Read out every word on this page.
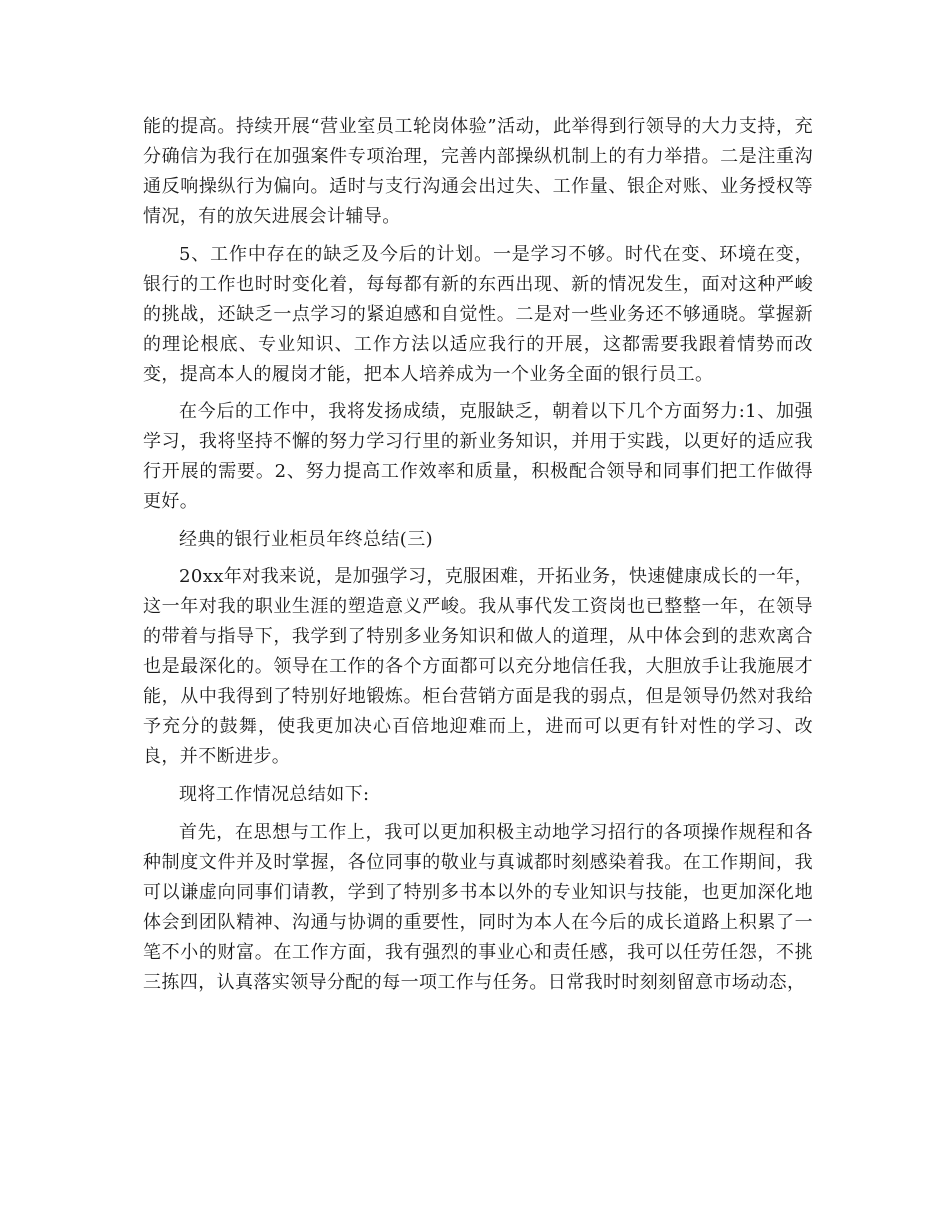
能的提高。持续开展“营业室员工轮岗体验”活动，此举得到行领导的大力支持，充分确信为我行在加强案件专项治理，完善内部操纵机制上的有力举措。二是注重沟通反响操纵行为偏向。适时与支行沟通会出过失、工作量、银企对账、业务授权等情况，有的放矢进展会计辅导。

5、工作中存在的缺乏及今后的计划。一是学习不够。时代在变、环境在变，银行的工作也时时变化着，每每都有新的东西出现、新的情况发生，面对这种严峻的挑战，还缺乏一点学习的紧迫感和自觉性。二是对一些业务还不够通晓。掌握新的理论根底、专业知识、工作方法以适应我行的开展，这都需要我跟着情势而改变，提高本人的履岗才能，把本人培养成为一个业务全面的银行员工。

在今后的工作中，我将发扬成绩，克服缺乏，朝着以下几个方面努力:1、加强学习，我将坚持不懈的努力学习行里的新业务知识，并用于实践，以更好的适应我行开展的需要。2、努力提高工作效率和质量，积极配合领导和同事们把工作做得更好。

经典的银行业柜员年终总结(三)

20xx年对我来说，是加强学习，克服困难，开拓业务，快速健康成长的一年，这一年对我的职业生涯的塑造意义严峻。我从事代发工资岗也已整整一年，在领导的带着与指导下，我学到了特别多业务知识和做人的道理，从中体会到的悲欢离合也是最深化的。领导在工作的各个方面都可以充分地信任我，大胆放手让我施展才能，从中我得到了特别好地锻炼。柜台营销方面是我的弱点，但是领导仍然对我给予充分的鼓舞，使我更加决心百倍地迎难而上，进而可以更有针对性的学习、改良，并不断进步。

现将工作情况总结如下:

首先，在思想与工作上，我可以更加积极主动地学习招行的各项操作规程和各种制度文件并及时掌握，各位同事的敬业与真诚都时刻感染着我。在工作期间，我可以谦虚向同事们请教，学到了特别多书本以外的专业知识与技能，也更加深化地体会到团队精神、沟通与协调的重要性，同时为本人在今后的成长道路上积累了一笔不小的财富。在工作方面，我有强烈的事业心和责任感，我可以任劳任怨，不挑三拣四，认真落实领导分配的每一项工作与任务。日常我时时刻刻留意市场动态，
